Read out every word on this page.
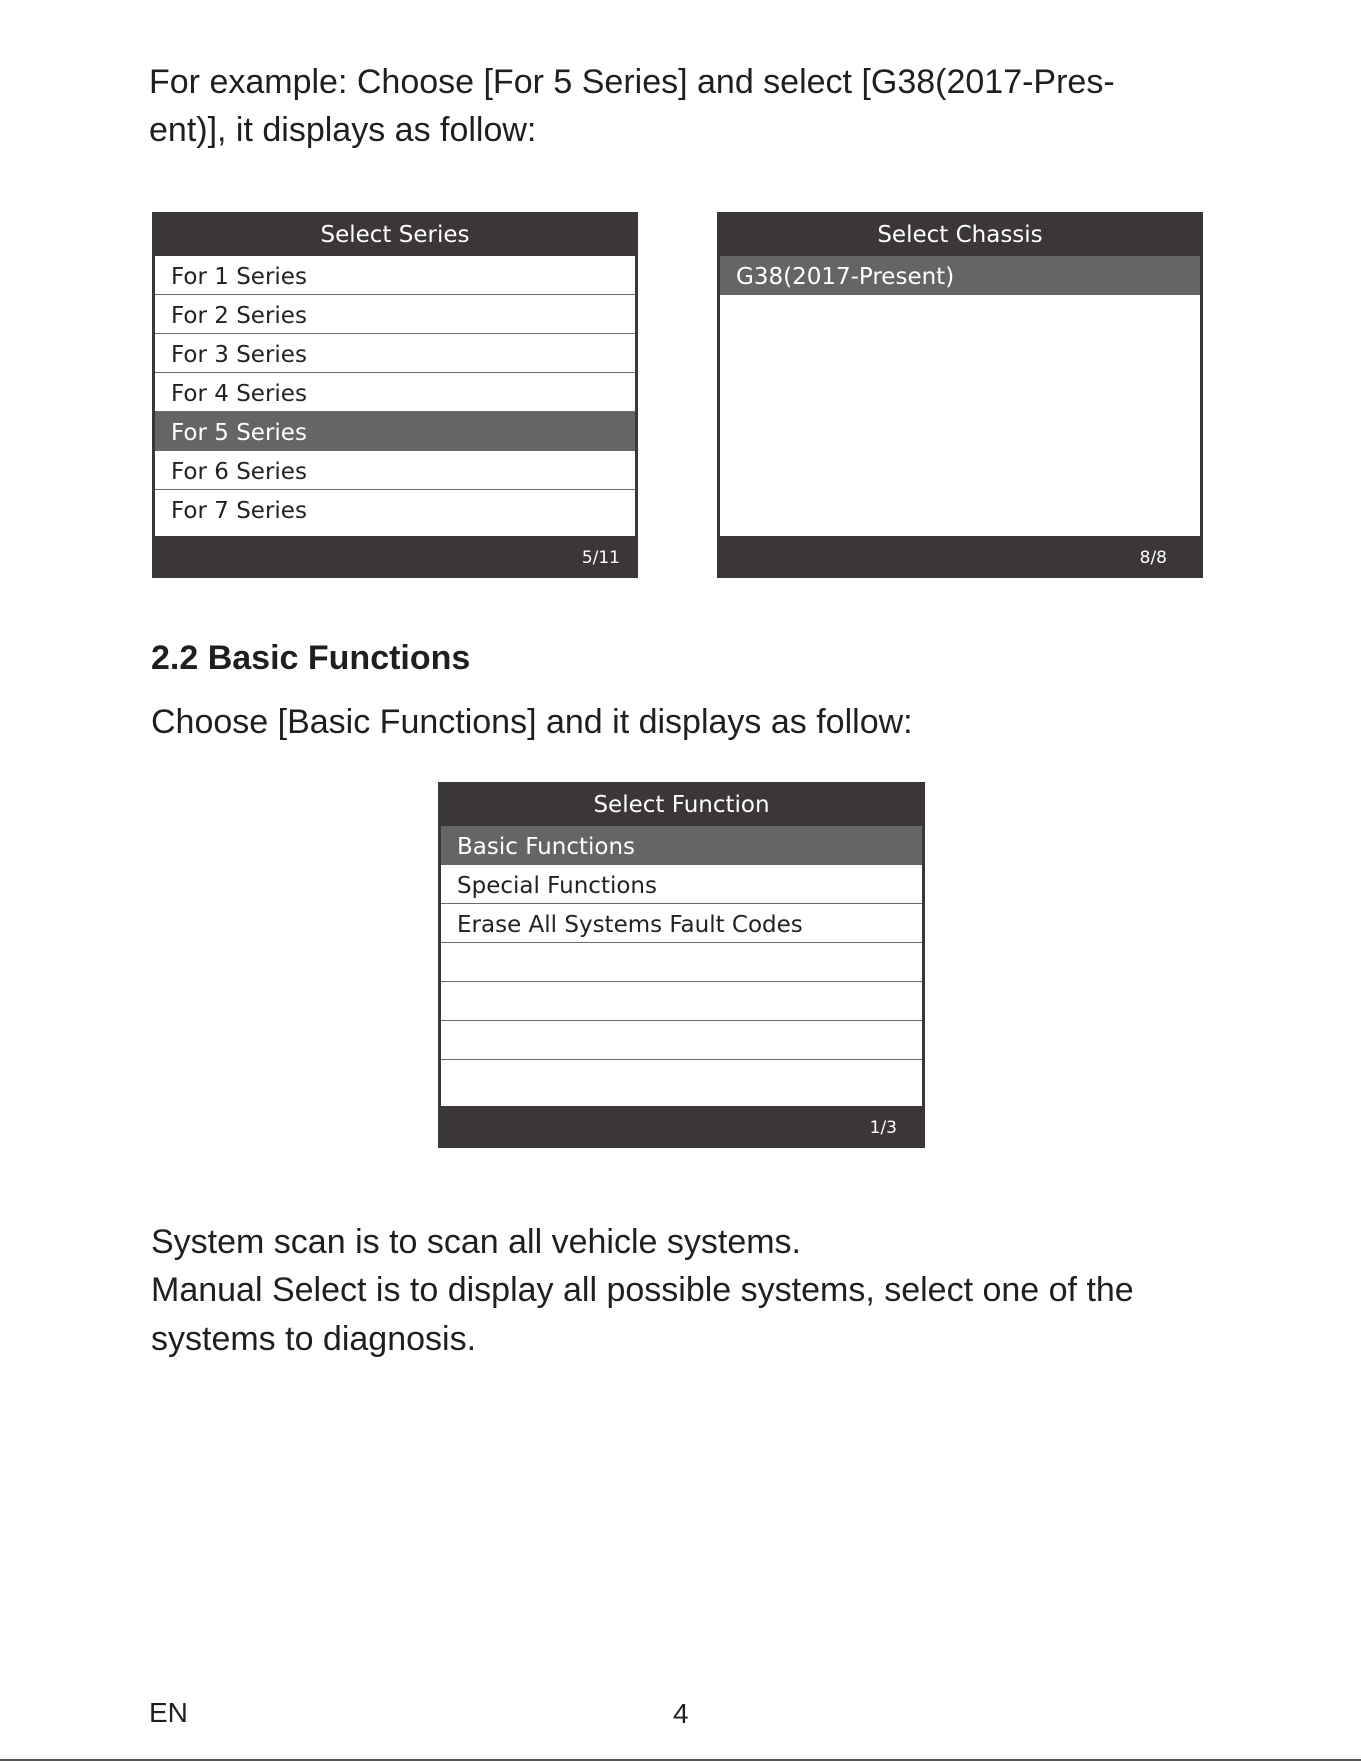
For example: Choose [For 5 Series] and select [G38(2017-Pres-

ent)], it displays as follow:

Select Series
For 1 Series
For 2 Series
For 3 Series
For 4 Series
For 5 Series
For 6 Series
For 7 Series
5/11
Select Chassis
G38(2017-Present)
8/8
2.2 Basic Functions

Choose [Basic Functions] and it displays as follow:

Select Function
Basic Functions
Special Functions
Erase All Systems Fault Codes
1/3

System scan is to scan all vehicle systems.

Manual Select is to display all possible systems, select one of the

systems to diagnosis.

EN	4
